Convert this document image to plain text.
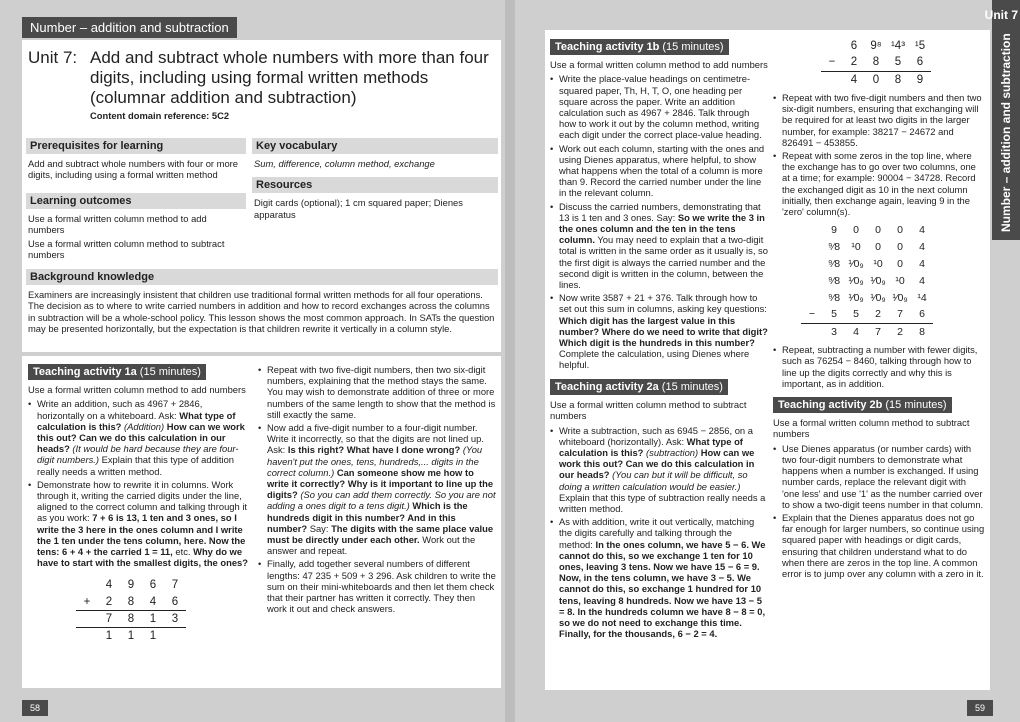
Number – addition and subtraction
Unit 7: Add and subtract whole numbers with more than four digits, including using formal written methods (columnar addition and subtraction)
Content domain reference: 5C2
Prerequisites for learning
Add and subtract whole numbers with four or more digits, including using a formal written method
Learning outcomes
Use a formal written column method to add numbers
Use a formal written column method to subtract numbers
Key vocabulary
Sum, difference, column method, exchange
Resources
Digit cards (optional); 1 cm squared paper; Dienes apparatus
Background knowledge
Examiners are increasingly insistent that children use traditional formal written methods for all four operations. The decision as to where to write carried numbers in addition and how to record exchanges across the columns in subtraction will be a whole-school policy. This lesson shows the most common approach. In SATs the question may be presented horizontally, but the expectation is that children rewrite it vertically in a column style.
Teaching activity 1a (15 minutes)
Use a formal written column method to add numbers
• Write an addition, such as 4967 + 2846, horizontally on a whiteboard. Ask: What type of calculation is this? (Addition) How can we work this out? Can we do this calculation in our heads? (It would be hard because they are four-digit numbers.) Explain that this type of addition really needs a written method.
• Demonstrate how to rewrite it in columns. Work through it, writing the carried digits under the line, aligned to the correct column and talking through it as you work: 7 + 6 is 13, 1 ten and 3 ones, so I write the 3 here in the ones column and I write the 1 ten under the tens column, here. Now the tens: 6 + 4 + the carried 1 = 11, etc. Why do we have to start with the smallest digits, the ones?
	4	9	6	7
+	2	8	4	6
	7	8	1	3
	1	1	1	
• Repeat with two five-digit numbers, then two six-digit numbers, explaining that the method stays the same. You may wish to demonstrate addition of three or more numbers of the same length to show that the method is still exactly the same.
• Now add a five-digit number to a four-digit number. Write it incorrectly, so that the digits are not lined up. Ask: Is this right? What have I done wrong? (You haven't put the ones, tens, hundreds,... digits in the correct column.) Can someone show me how to write it correctly? Why is it important to line up the digits? (So you can add them correctly. So you are not adding a ones digit to a tens digit.) Which is the hundreds digit in this number? And in this number? Say: The digits with the same place value must be directly under each other. Work out the answer and repeat.
• Finally, add together several numbers of different lengths: 47 235 + 509 + 3 296. Ask children to write the sum on their mini-whiteboards and then let them check that their partner has written it correctly. They then work it out and check answers.
58
Teaching activity 1b (15 minutes)
Use a formal written column method to add numbers
• Write the place-value headings on centimetre-squared paper, Th, H, T, O, one heading per square across the paper. Write an addition calculation such as 4967 + 2846. Talk through how to work it out by the column method, writing each digit under the correct place-value heading.
• Work out each column, starting with the ones and using Dienes apparatus, where helpful, to show what happens when the total of a column is more than 9. Record the carried number under the line in the relevant column.
• Discuss the carried numbers, demonstrating that 13 is 1 ten and 3 ones. Say: So we write the 3 in the ones column and the ten in the tens column. You may need to explain that a two-digit total is written in the same order as it usually is, so the first digit is always the carried number and the second digit is written in the column, between the lines.
• Now write 3587 + 21 + 376. Talk through how to set out this sum in columns, asking key questions: Which digit has the largest value in this number? Where do we need to write that digit? Which digit is the hundreds in this number? Complete the calculation, using Dienes where helpful.
Teaching activity 2a (15 minutes)
Use a formal written column method to subtract numbers
• Write a subtraction, such as 6945 − 2856, on a whiteboard (horizontally). Ask: What type of calculation is this? (subtraction) How can we work this out? Can we do this calculation in our heads? (You can but it will be difficult, so doing a written calculation would be easier.) Explain that this type of subtraction really needs a written method.
• As with addition, write it out vertically, matching the digits carefully and talking through the method: In the ones column, we have 5 − 6. We cannot do this, so we exchange 1 ten for 10 ones, leaving 3 tens. Now we have 15 − 6 = 9. Now, in the tens column, we have 3 − 5. We cannot do this, so exchange 1 hundred for 10 tens, leaving 8 hundreds. Now we have 13 − 5 = 8. In the hundreds column we have 8 − 8 = 0, so we do not need to exchange this time. Finally, for the thousands, 6 − 2 = 4.
	6	9⁸	¹4³	¹5
−	2	8	5	6
	4	0	8	9
• Repeat with two five-digit numbers and then two six-digit numbers, ensuring that exchanging will be required for at least two digits in the larger number, for example: 38217 − 24672 and 826491 − 453855.
• Repeat with some zeros in the top line, where the exchange has to go over two columns, one at a time; for example: 90004 − 34728. Record the exchanged digit as 10 in the next column initially, then exchange again, leaving 9 in the 'zero' column(s).
	9	0	0	0	4
	⁹⁄8	¹0	0	0	4
	⁹⁄8	¹⁄0₉	¹0	0	4
	⁹⁄8	¹⁄0₉	¹⁄0₉	¹0	4
	⁹⁄8	¹⁄0₉	¹⁄0₉	¹⁄0₉	¹4
−	5	5	2	7	6
	3	4	7	2	8
• Repeat, subtracting a number with fewer digits, such as 76254 − 8460, talking through how to line up the digits correctly and why this is important, as in addition.
Teaching activity 2b (15 minutes)
Use a formal written column method to subtract numbers
• Use Dienes apparatus (or number cards) with two four-digit numbers to demonstrate what happens when a number is exchanged. If using number cards, replace the relevant digit with 'one less' and use '1' as the number carried over to show a two-digit teens number in that column.
• Explain that the Dienes apparatus does not go far enough for larger numbers, so continue using squared paper with headings or digit cards, ensuring that children understand what to do when there are zeros in the top line. A common error is to jump over any column with a zero in it.
Unit 7
Number – addition and subtraction
59
